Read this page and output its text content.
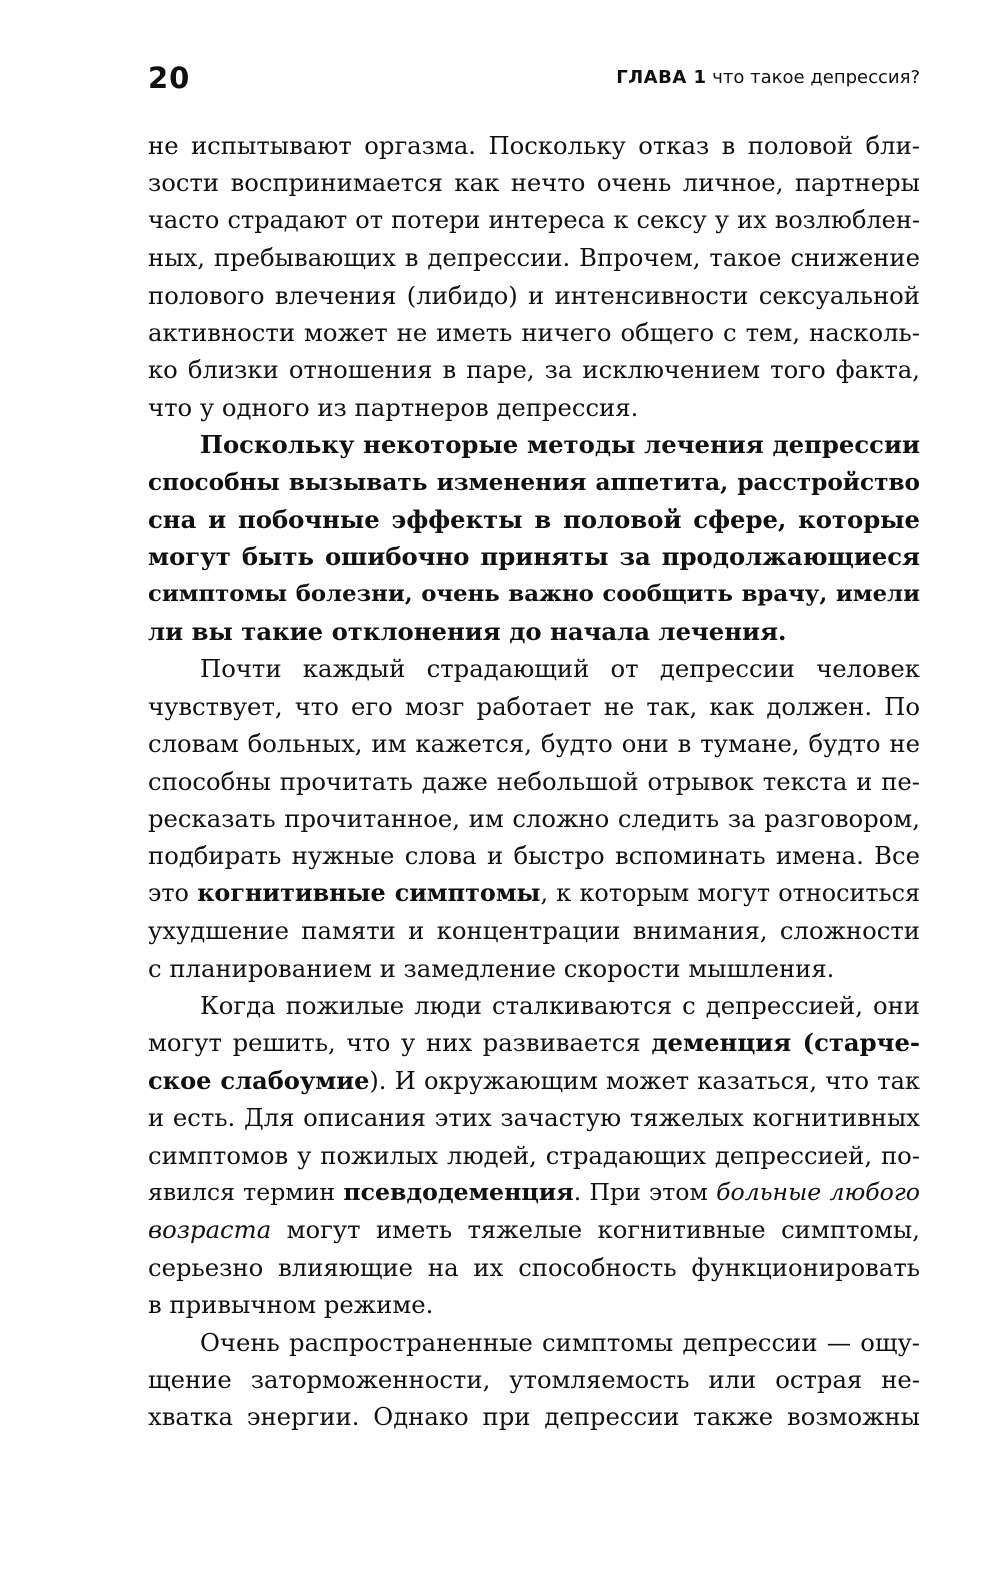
20	ГЛАВА 1 что такое депрессия?
не испытывают оргазма. Поскольку отказ в половой бли-
зости воспринимается как нечто очень личное, партнеры
часто страдают от потери интереса к сексу у их возлюблен-
ных, пребывающих в депрессии. Впрочем, такое снижение
полового влечения (либидо) и интенсивности сексуальной
активности может не иметь ничего общего с тем, насколь-
ко близки отношения в паре, за исключением того факта,
что у одного из партнеров депрессия.
Поскольку некоторые методы лечения депрессии
способны вызывать изменения аппетита, расстройство
сна и побочные эффекты в половой сфере, которые
могут быть ошибочно приняты за продолжающиеся
симптомы болезни, очень важно сообщить врачу, имели
ли вы такие отклонения до начала лечения.
Почти каждый страдающий от депрессии человек
чувствует, что его мозг работает не так, как должен. По
словам больных, им кажется, будто они в тумане, будто не
способны прочитать даже небольшой отрывок текста и пе-
ресказать прочитанное, им сложно следить за разговором,
подбирать нужные слова и быстро вспоминать имена. Все
это когнитивные симптомы, к которым могут относиться
ухудшение памяти и концентрации внимания, сложности
с планированием и замедление скорости мышления.
Когда пожилые люди сталкиваются с депрессией, они
могут решить, что у них развивается деменция (старче-
ское слабоумие). И окружающим может казаться, что так
и есть. Для описания этих зачастую тяжелых когнитивных
симптомов у пожилых людей, страдающих депрессией, по-
явился термин псевдодеменция. При этом больные любого
возраста могут иметь тяжелые когнитивные симптомы,
серьезно влияющие на их способность функционировать
в привычном режиме.
Очень распространенные симптомы депрессии — ощу-
щение заторможенности, утомляемость или острая не-
хватка энергии. Однако при депрессии также возможны
